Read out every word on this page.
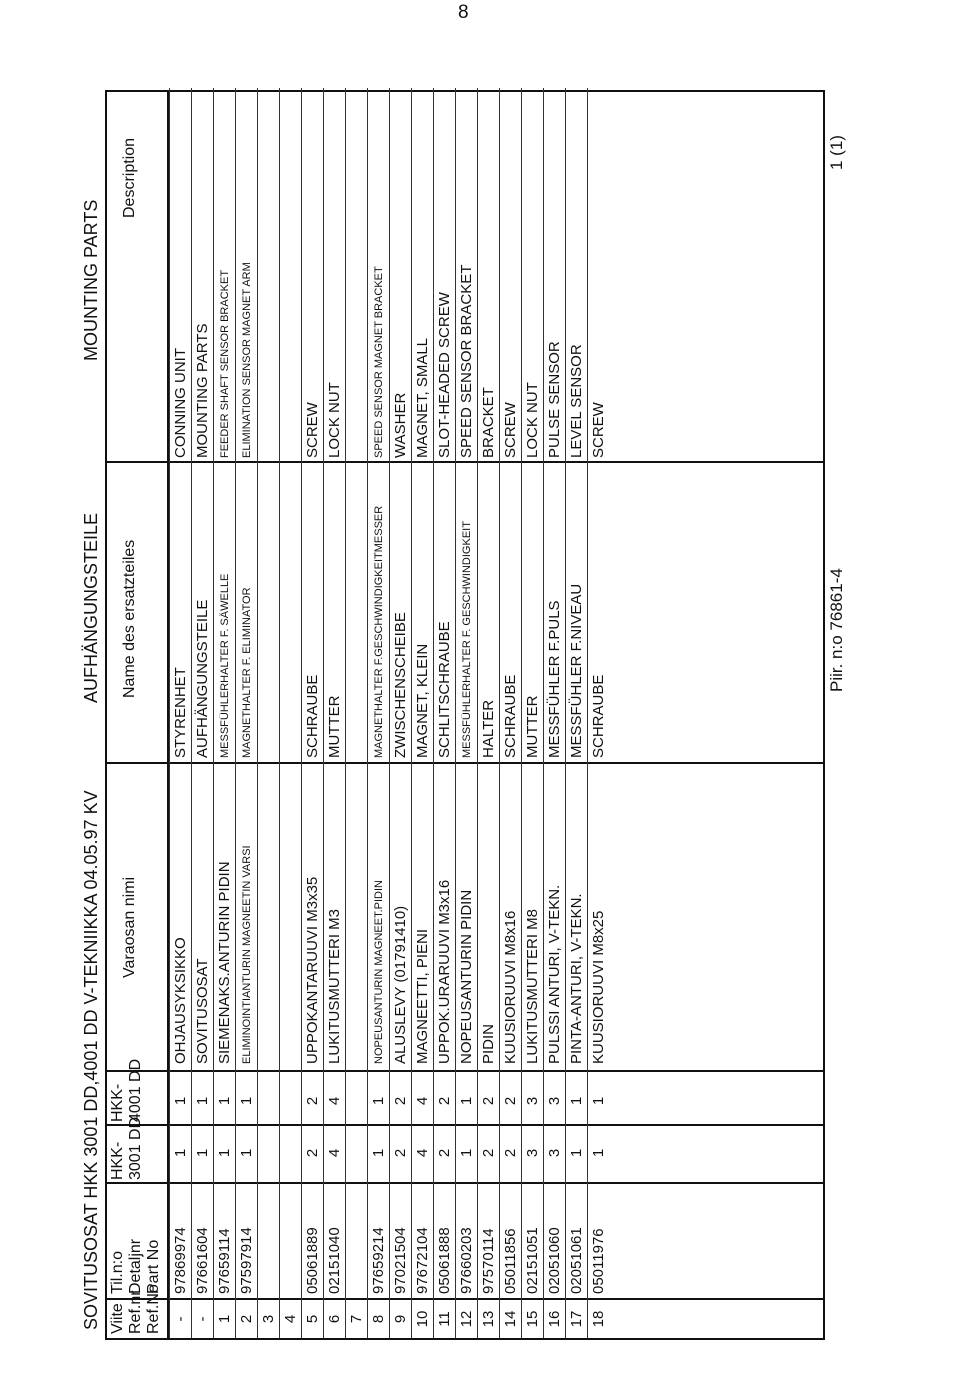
8
SOVITUSOSAT HKK 3001 DD,4001 DD V-TEKNIIKKA 04.05.97 KV
AUFHÄNGUNGSTEILE
MOUNTING PARTS
Viite
Ref.nr
Ref.No
Til.n:o
Detaljnr
Part No
HKK-
3001 DD
HKK-
4001 DD
Varaosan nimi
Name des ersatzteiles
Description
-
97869974
1
1
OHJAUSYKSIKKO
STYRENHET
CONNING UNIT
-
97661604
1
1
SOVITUSOSAT
AUFHÄNGUNGSTEILE
MOUNTING PARTS
1
97659114
1
1
SIEMENAKS.ANTURIN PIDIN
MESSFÜHLERHALTER F. SÄWELLE
FEEDER SHAFT SENSOR BRACKET
2
97597914
1
1
ELIMINOINTIANTURIN MAGNEETIN VARSI
MAGNETHALTER F. ELIMINATOR
ELIMINATION SENSOR MAGNET ARM
3 4 5
05061889
2
2
UPPOKANTARUUVI M3x35
SCHRAUBE
SCREW
6
02151040
4
4
LUKITUSMUTTERI M3
MUTTER
LOCK NUT
7 8
97659214
1
1
NOPEUSANTURIN MAGNEET.PIDIN
MAGNETHALTER F.GESCHWINDIGKEITMESSER
SPEED SENSOR MAGNET BRACKET
9
97021504
2
2
ALUSLEVY (01791410)
ZWISCHENSCHEIBE
WASHER
10
97672104
4
4
MAGNEETTI, PIENI
MAGNET, KLEIN
MAGNET, SMALL
11
05061888
2
2
UPPOK.URARUUVI M3x16
SCHLITSCHRAUBE
SLOT-HEADED SCREW
12
97660203
1
1
NOPEUSANTURIN PIDIN
MESSFÜHLERHALTER F. GESCHWINDIGKEIT
SPEED SENSOR BRACKET
13
97570114
2
2
PIDIN
HALTER
BRACKET
14
05011856
2
2
KUUSIORUUVI M8x16
SCHRAUBE
SCREW
15
02151051
3
3
LUKITUSMUTTERI M8
MUTTER
LOCK NUT
16
02051060
3
3
PULSSI ANTURI, V-TEKN.
MESSFÜHLER F.PULS
PULSE SENSOR
17
02051061
1
1
PINTA-ANTURI, V-TEKN.
MESSFÜHLER F.NIVEAU
LEVEL SENSOR
18
05011976
1
1
KUUSIORUUVI M8x25
SCHRAUBE
SCREW
Piir. n:o 76861-4
1 (1)
